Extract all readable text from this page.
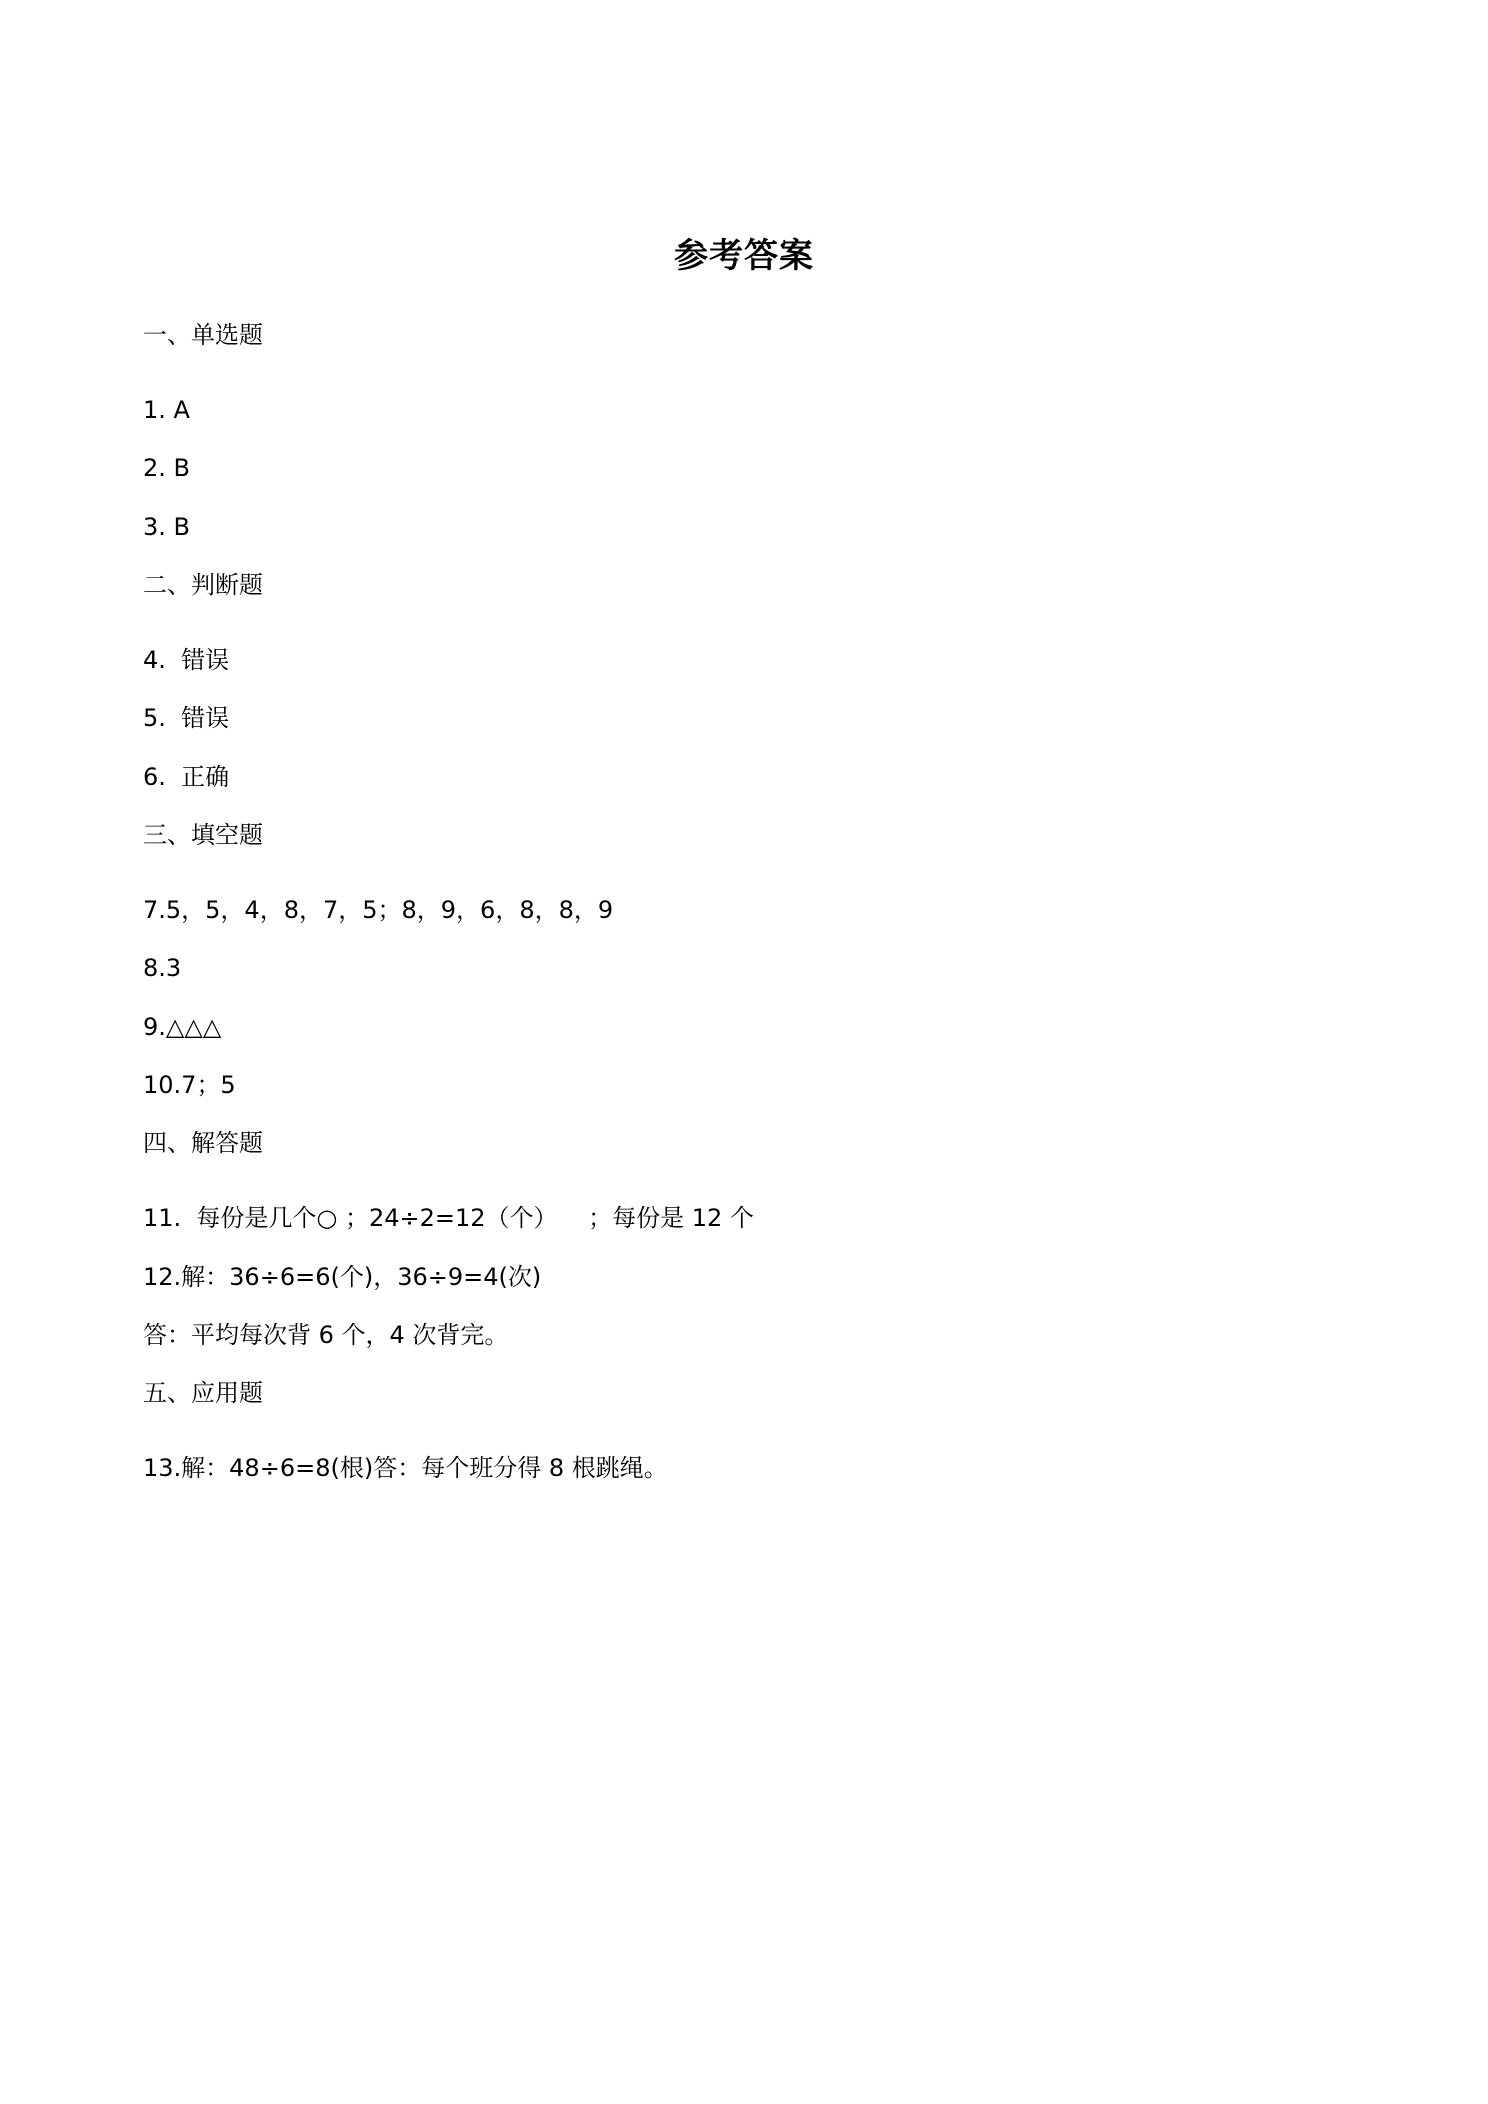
参考答案
一、单选题
1. A
2. B
3. B
二、判断题
4.  错误
5.  错误
6.  正确
三、填空题
7.5，5，4，8，7，5；8，9，6，8，8，9
8.3
9.△△△
10.7；5
四、解答题
11.  每份是几个○ ；24÷2=12（个）    ；每份是 12 个
12.解：36÷6=6(个)，36÷9=4(次)
答：平均每次背 6 个，4 次背完。
五、应用题
13.解：48÷6=8(根)答：每个班分得 8 根跳绳。
